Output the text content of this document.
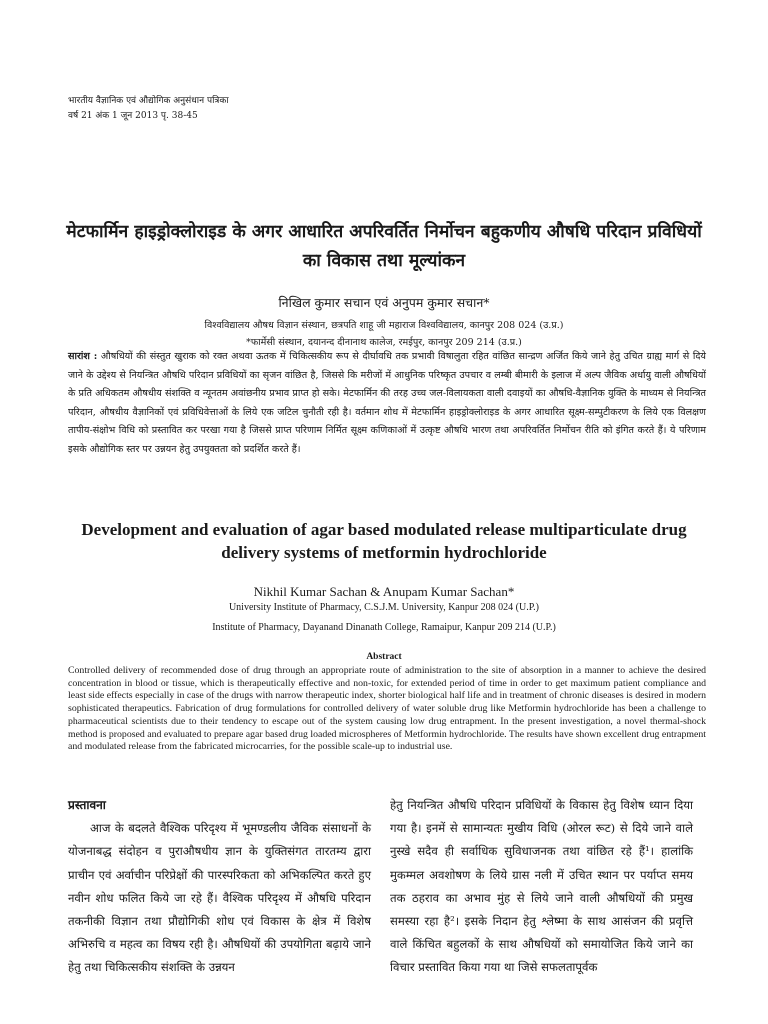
भारतीय वैज्ञानिक एवं औद्योगिक अनुसंधान पत्रिका
वर्ष 21 अंक 1 जून 2013 पृ. 38-45
मेटफार्मिन हाइड्रोक्लोराइड के अगर आधारित अपरिवर्तित निर्मोचन बहुकणीय औषधि परिदान प्रविधियों का विकास तथा मूल्यांकन
निखिल कुमार सचान एवं अनुपम कुमार सचान*
विश्वविद्यालय औषध विज्ञान संस्थान, छत्रपति शाहू जी महाराज विश्वविद्यालय, कानपुर 208 024 (उ.प्र.)
*फार्मेसी संस्थान, दयानन्द दीनानाथ कालेज, रमईपुर, कानपुर 209 214 (उ.प्र.)
सारांश : औषधियों की संस्तुत खुराक को रक्त अथवा ऊतक में चिकित्सकीय रूप से दीर्घावधि तक प्रभावी विषालुता रहित वांछित सान्द्रण अर्जित किये जाने हेतु उचित ग्राह्य मार्ग से दिये जाने के उद्देश्य से नियन्त्रित औषधि परिदान प्रविधियों का सृजन वांछित है, जिससे कि मरीजों में आधुनिक परिष्कृत उपचार व लम्बी बीमारी के इलाज में अल्प जैविक अर्धायु वाली औषधियों के प्रति अधिकतम औषधीय संशक्ति व न्यूनतम अवांछनीय प्रभाव प्राप्त हो सके। मेटफार्मिन की तरह उच्च जल-विलायकता वाली दवाइयों का औषधि-वैज्ञानिक युक्ति के माध्यम से नियन्त्रित परिदान, औषधीय वैज्ञानिकों एवं प्रविधिवेत्ताओं के लिये एक जटिल चुनौती रही है। वर्तमान शोध में मेटफार्मिन हाइड्रोक्लोराइड के अगर आधारित सूक्ष्म-सम्पुटीकरण के लिये एक विलक्षण तापीय-संक्षोभ विधि को प्रस्तावित कर परखा गया है जिससे प्राप्त परिणाम निर्मित सूक्ष्म कणिकाओं में उत्कृष्ट औषधि भारण तथा अपरिवर्तित निर्मोचन रीति को इंगित करते हैं। ये परिणाम इसके औद्योगिक स्तर पर उन्नयन हेतु उपयुक्तता को प्रदर्शित करते हैं।
Development and evaluation of agar based modulated release multiparticulate drug delivery systems of metformin hydrochloride
Nikhil Kumar Sachan & Anupam Kumar Sachan*
University Institute of Pharmacy, C.S.J.M. University, Kanpur 208 024 (U.P.)
Institute of Pharmacy, Dayanand Dinanath College, Ramaipur, Kanpur 209 214 (U.P.)
Abstract
Controlled delivery of recommended dose of drug through an appropriate route of administration to the site of absorption in a manner to achieve the desired concentration in blood or tissue, which is therapeutically effective and non-toxic, for extended period of time in order to get maximum patient compliance and least side effects especially in case of the drugs with narrow therapeutic index, shorter biological half life and in treatment of chronic diseases is desired in modern sophisticated therapeutics. Fabrication of drug formulations for controlled delivery of water soluble drug like Metformin hydrochloride has been a challenge to pharmaceutical scientists due to their tendency to escape out of the system causing low drug entrapment. In the present investigation, a novel thermal-shock method is proposed and evaluated to prepare agar based drug loaded microspheres of Metformin hydrochloride. The results have shown excellent drug entrapment and modulated release from the fabricated microcarries, for the possible scale-up to industrial use.
प्रस्तावना

आज के बदलते वैश्विक परिदृश्य में भूमण्डलीय जैविक संसाधनों के योजनाबद्ध संदोहन व पुराऔषधीय ज्ञान के युक्तिसंगत तारतम्य द्वारा प्राचीन एवं अर्वाचीन परिप्रेक्षों की पारस्परिकता को अभिकल्पित करते हुए नवीन शोध फलित किये जा रहे हैं। वैश्विक परिदृश्य में औषधि परिदान तकनीकी विज्ञान तथा प्रौद्योगिकी शोध एवं विकास के क्षेत्र में विशेष अभिरुचि व महत्व का विषय रही है। औषधियों की उपयोगिता बढ़ाये जाने हेतु तथा चिकित्सकीय संशक्ति के उन्नयन

हेतु नियन्त्रित औषधि परिदान प्रविधियों के विकास हेतु विशेष ध्यान दिया गया है। इनमें से सामान्यतः मुखीय विधि (ओरल रूट) से दिये जाने वाले नुस्खे सदैव ही सर्वाधिक सुविधाजनक तथा वांछित रहे हैं¹। हालांकि मुकम्मल अवशोषण के लिये ग्रास नली में उचित स्थान पर पर्याप्त समय तक ठहराव का अभाव मुंह से लिये जाने वाली औषधियों की प्रमुख समस्या रहा है²। इसके निदान हेतु श्लेष्मा के साथ आसंजन की प्रवृत्ति वाले किंचित बहुलकों के साथ औषधियों को समायोजित किये जाने का विचार प्रस्तावित किया गया था जिसे सफलतापूर्वक
